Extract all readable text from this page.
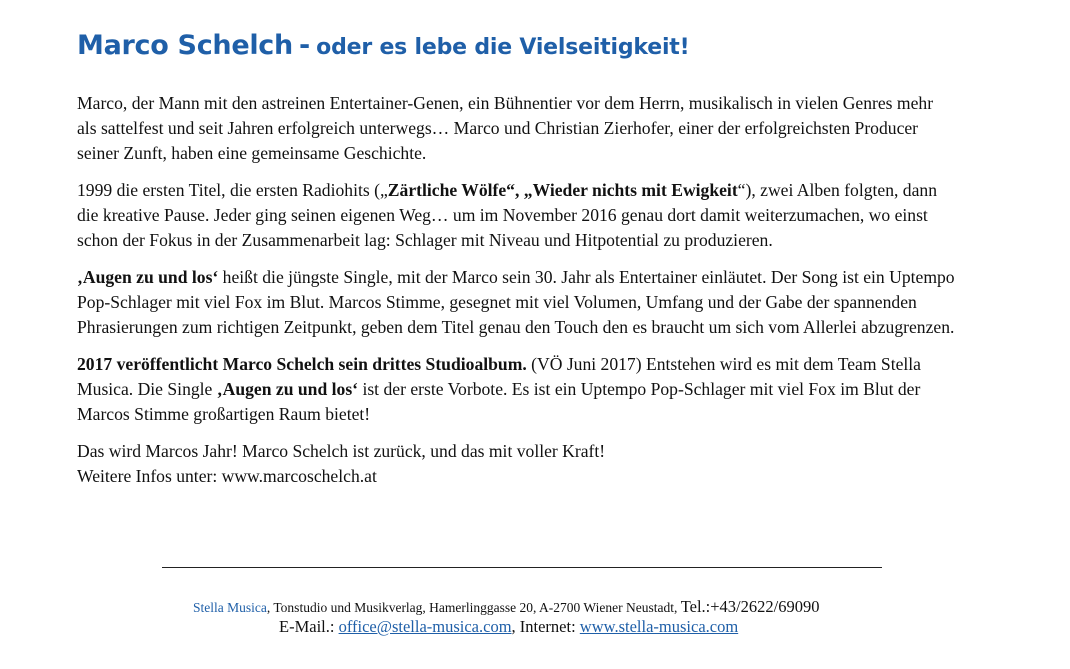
Marco Schelch - oder es lebe die Vielseitigkeit!

Marco, der Mann mit den astreinen Entertainer-Genen, ein Bühnentier vor dem Herrn, musikalisch in vielen Genres mehr als sattelfest und seit Jahren erfolgreich unterwegs… Marco und Christian Zierhofer, einer der erfolgreichsten Producer seiner Zunft, haben eine gemeinsame Geschichte.

1999 die ersten Titel, die ersten Radiohits („Zärtliche Wölfe“, „Wieder nichts mit Ewigkeit“), zwei Alben folgten, dann die kreative Pause. Jeder ging seinen eigenen Weg… um im November 2016 genau dort damit weiterzumachen, wo einst schon der Fokus in der Zusammenarbeit lag: Schlager mit Niveau und Hitpotential zu produzieren.

‚Augen zu und los‘ heißt die jüngste Single, mit der Marco sein 30. Jahr als Entertainer einläutet. Der Song ist ein Uptempo Pop-Schlager mit viel Fox im Blut. Marcos Stimme, gesegnet mit viel Volumen, Umfang und der Gabe der spannenden Phrasierungen zum richtigen Zeitpunkt, geben dem Titel genau den Touch den es braucht um sich vom Allerlei abzugrenzen.

2017 veröffentlicht Marco Schelch sein drittes Studioalbum. (VÖ Juni 2017) Entstehen wird es mit dem Team Stella Musica. Die Single ‚Augen zu und los‘ ist der erste Vorbote. Es ist ein Uptempo Pop-Schlager mit viel Fox im Blut der Marcos Stimme großartigen Raum bietet!

Das wird Marcos Jahr! Marco Schelch ist zurück, und das mit voller Kraft!
Weitere Infos unter: www.marcoschelch.at

Stella Musica, Tonstudio und Musikverlag, Hamerlinggasse 20, A-2700 Wiener Neustadt, Tel.:+43/2622/69090
E-Mail.: office@stella-musica.com, Internet: www.stella-musica.com
